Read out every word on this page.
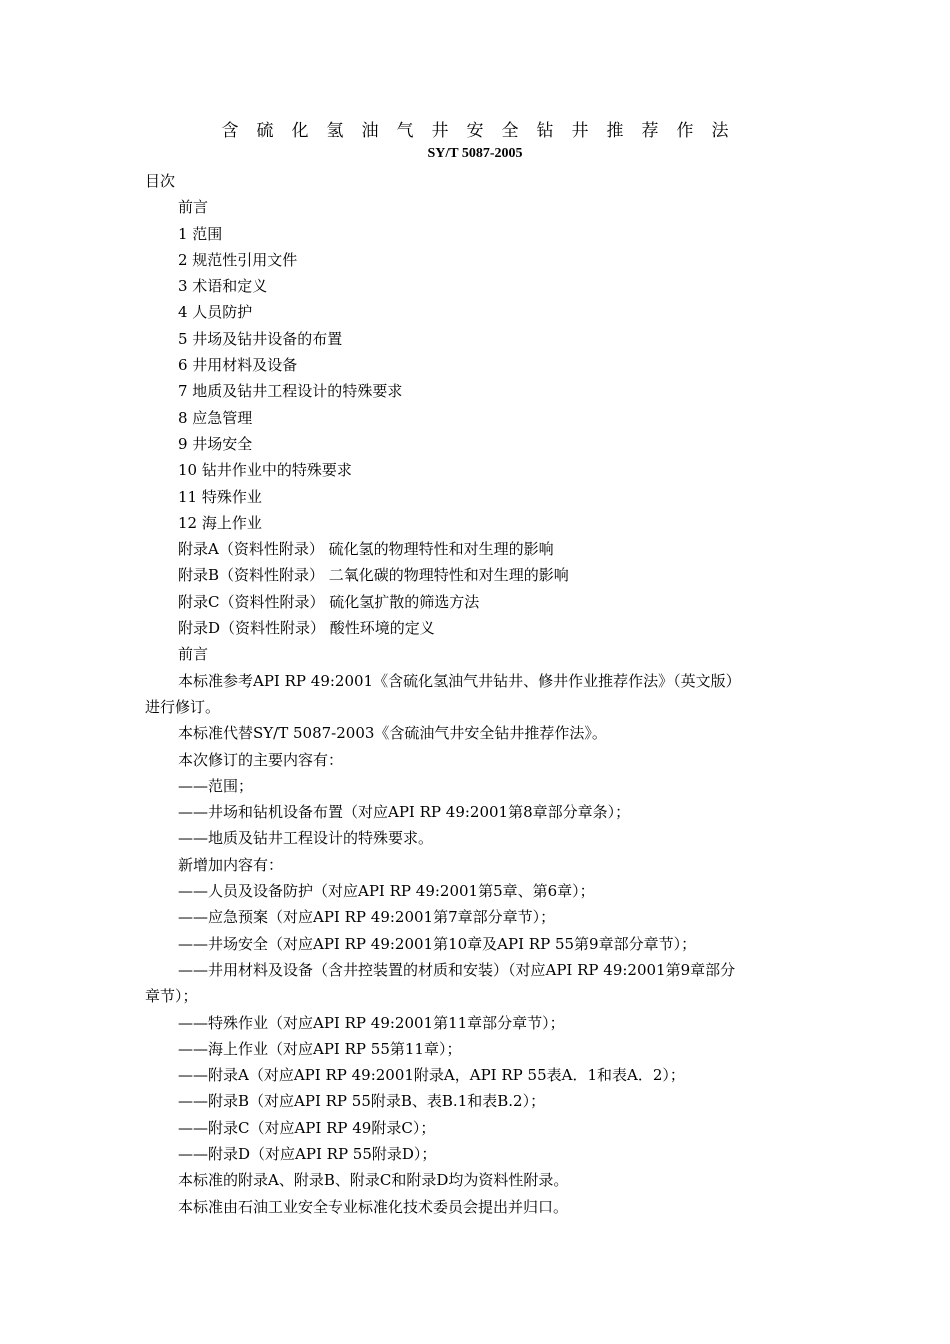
含硫化氢油气井安全钻井推荐作法
SY/T 5087-2005
目次
前言
1 范围
2 规范性引用文件
3 术语和定义
4 人员防护
5 井场及钻井设备的布置
6 井用材料及设备
7 地质及钻井工程设计的特殊要求
8 应急管理
9 井场安全
10 钻井作业中的特殊要求
11 特殊作业
12 海上作业
附录A（资料性附录） 硫化氢的物理特性和对生理的影响
附录B（资料性附录） 二氧化碳的物理特性和对生理的影响
附录C（资料性附录） 硫化氢扩散的筛选方法
附录D（资料性附录） 酸性环境的定义
前言
本标准参考API RP 49:2001《含硫化氢油气井钻井、修井作业推荐作法》（英文版）
进行修订。
本标准代替SY/T 5087-2003《含硫油气井安全钻井推荐作法》。
本次修订的主要内容有：
——范围；
——井场和钻机设备布置（对应API RP 49:2001第8章部分章条）；
——地质及钻井工程设计的特殊要求。
新增加内容有：
——人员及设备防护（对应API RP 49:2001第5章、第6章）；
——应急预案（对应API RP 49:2001第7章部分章节）；
——井场安全（对应API RP 49:2001第10章及API RP 55第9章部分章节）；
——井用材料及设备（含井控装置的材质和安装）（对应API RP 49:2001第9章部分
章节）；
——特殊作业（对应API RP 49:2001第11章部分章节）；
——海上作业（对应API RP 55第11章）；
——附录A（对应API RP 49:2001附录A，API RP 55表A．1和表A．2）；
——附录B（对应API RP 55附录B、表B.1和表B.2）；
——附录C（对应API RP 49附录C）；
——附录D（对应API RP 55附录D）；
本标准的附录A、附录B、附录C和附录D均为资料性附录。
本标准由石油工业安全专业标准化技术委员会提出并归口。
